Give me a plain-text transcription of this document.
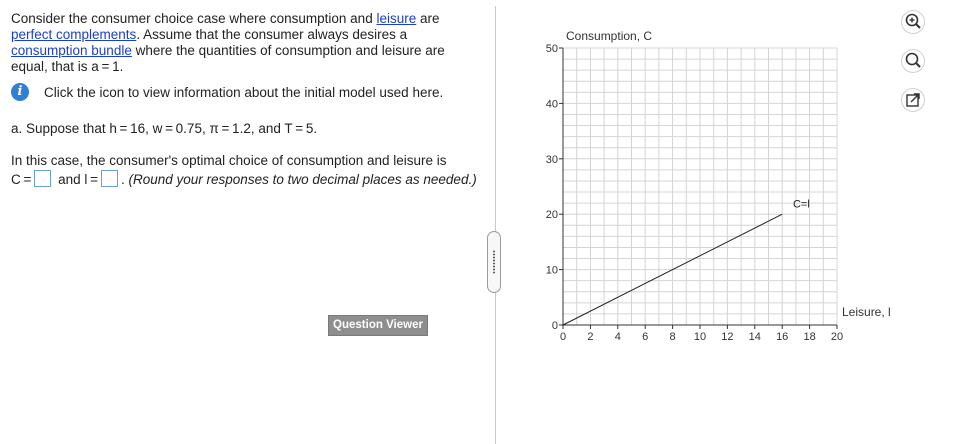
Consider the consumer choice case where consumption and leisure are perfect complements. Assume that the consumer always desires a consumption bundle where the quantities of consumption and leisure are equal, that is a = 1.
i	Click the icon to view information about the initial model used here.
a. Suppose that h = 16, w = 0.75, π = 1.2, and T = 5.
In this case, the consumer's optimal choice of consumption and leisure is
C = and l = . (Round your responses to two decimal places as needed.)
Question Viewer
0 2 4 6 8 10 12 14 16 18 20
0
10
20
30
40
50
C=l
Consumption, C
Leisure, l
